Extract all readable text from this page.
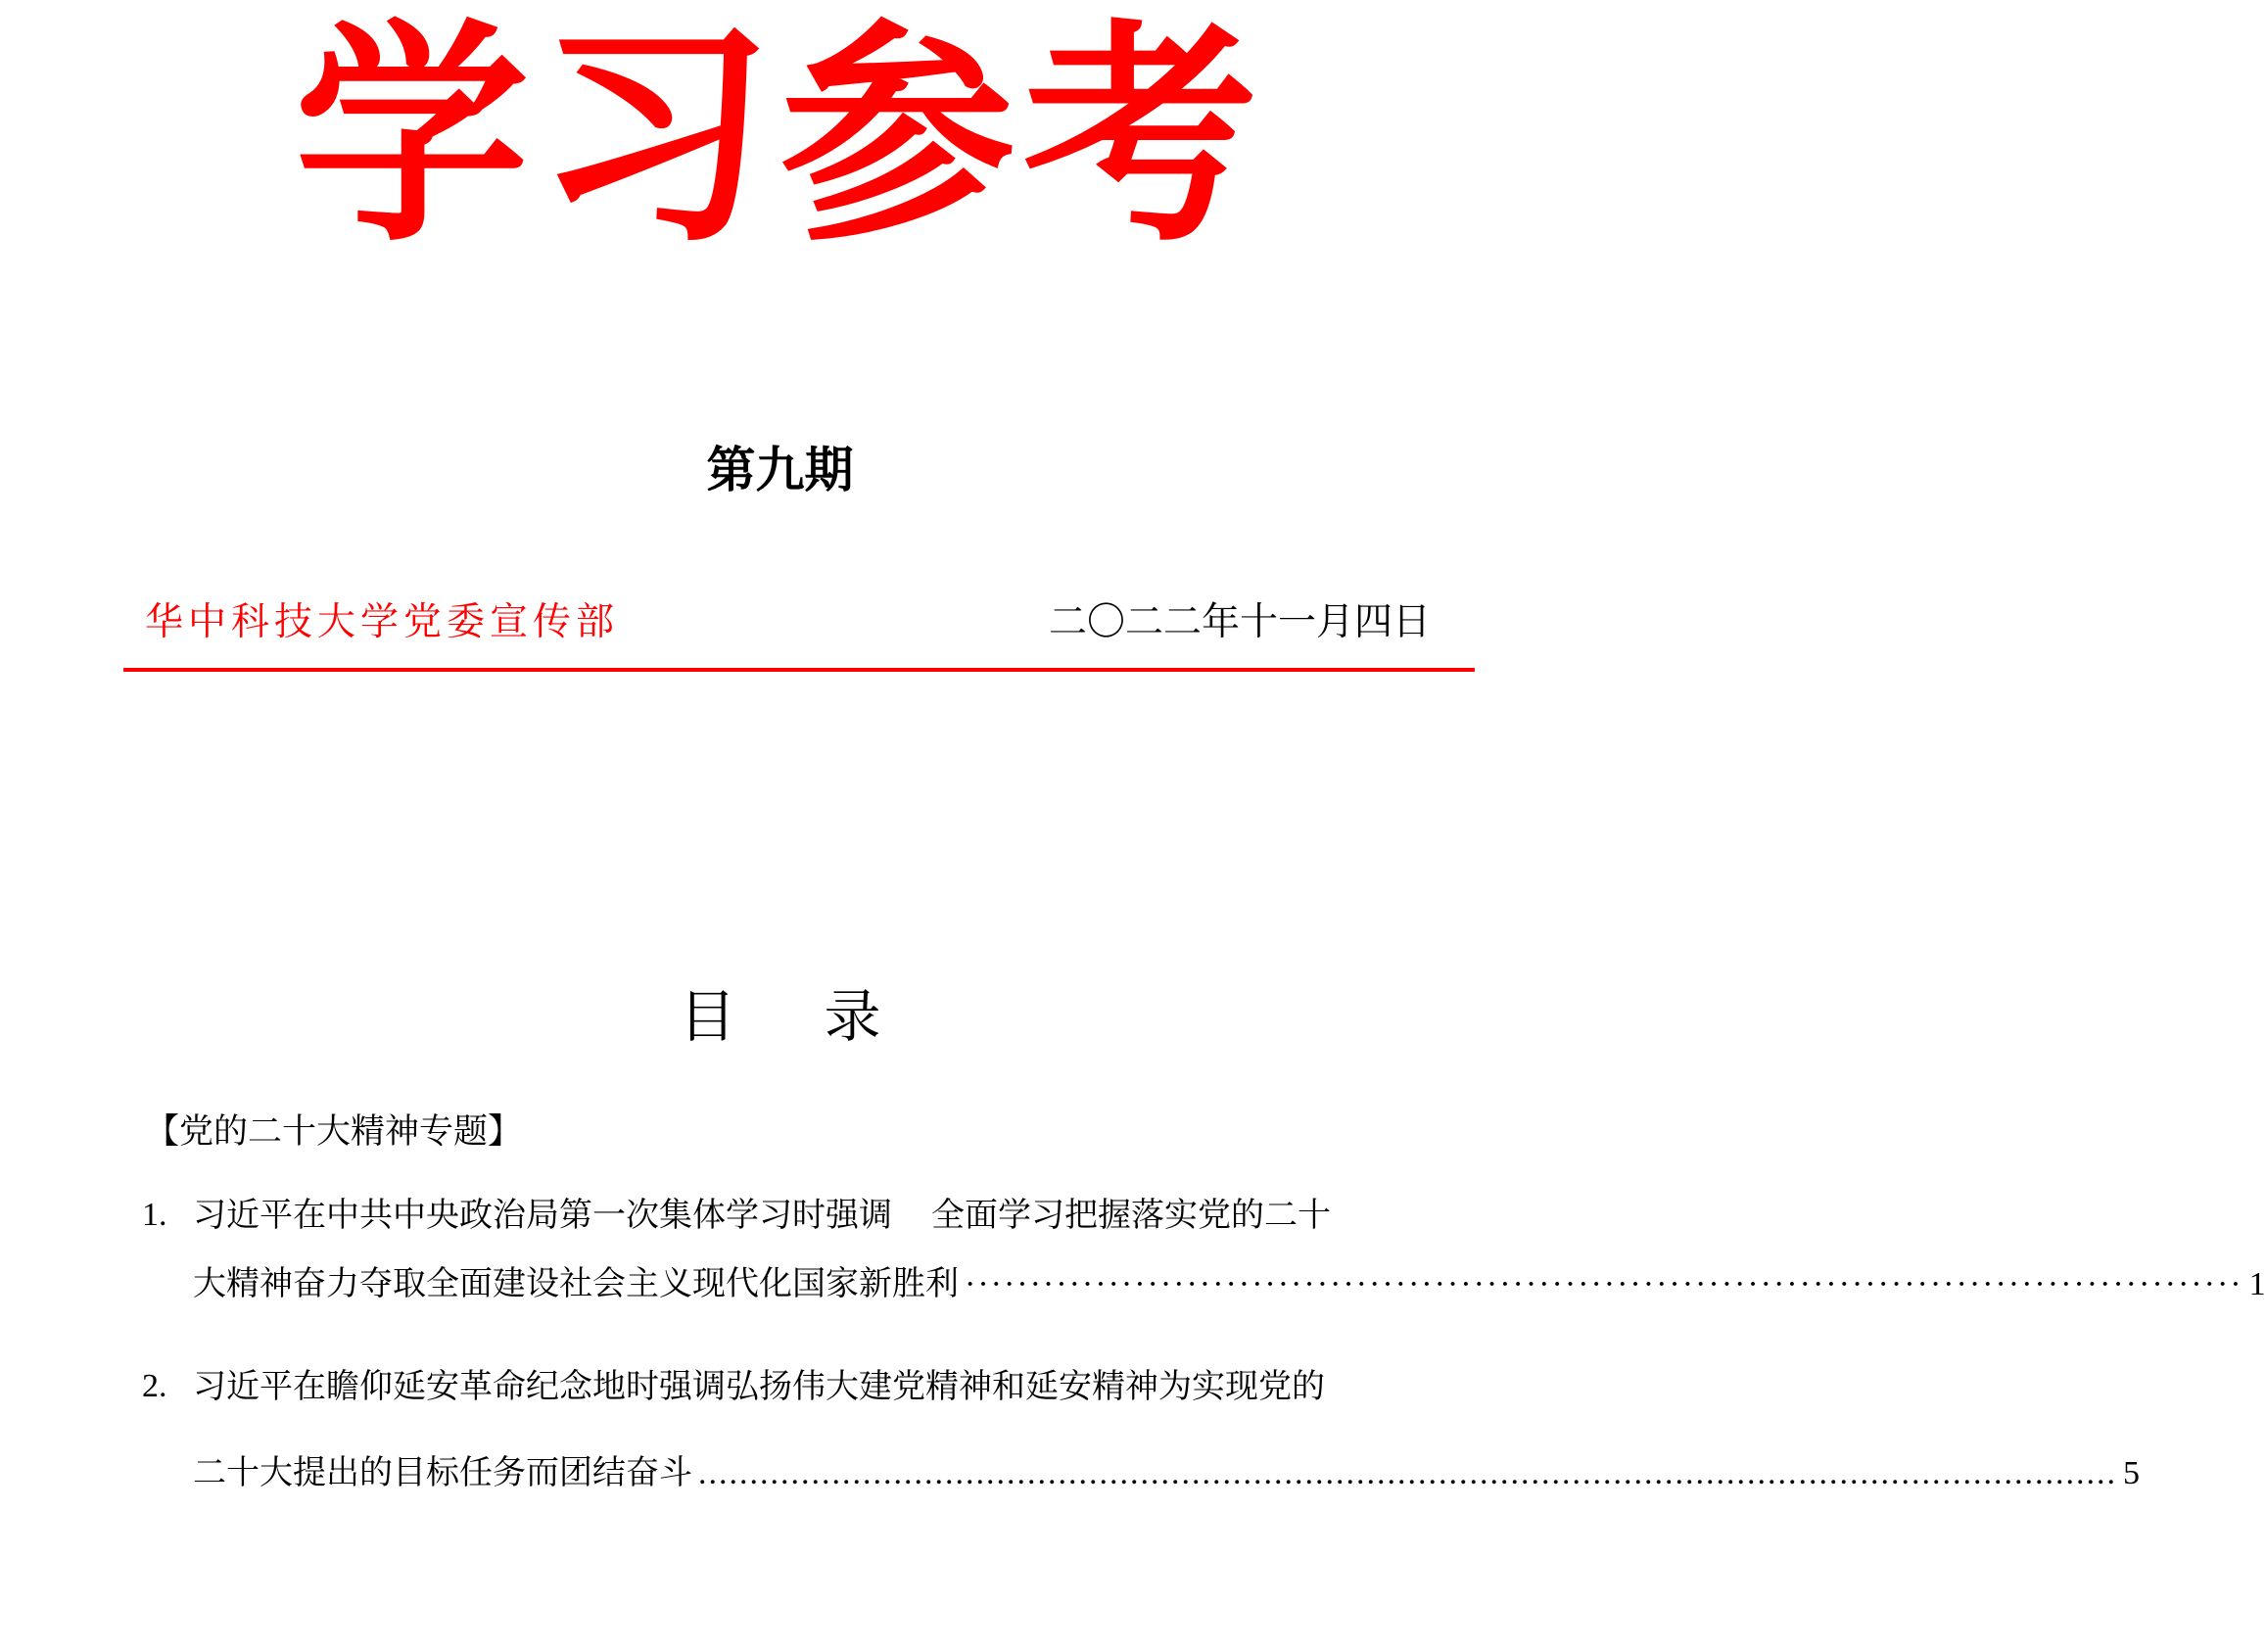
学习参考
第九期
华中科技大学党委宣传部	二〇二二年十一月四日
目 录
【党的二十大精神专题】
1. 习近平在中共中央政治局第一次集体学习时强调 全面学习把握落实党的二十
大精神 奋力夺取全面建设社会主义现代化国家新胜利 ·································································································· 1
2. 习近平在瞻仰延安革命纪念地时强调弘扬伟大建党精神和延安精神为实现党的
二十大提出的目标任务而团结奋斗 .......................................................................................................................................... 5
